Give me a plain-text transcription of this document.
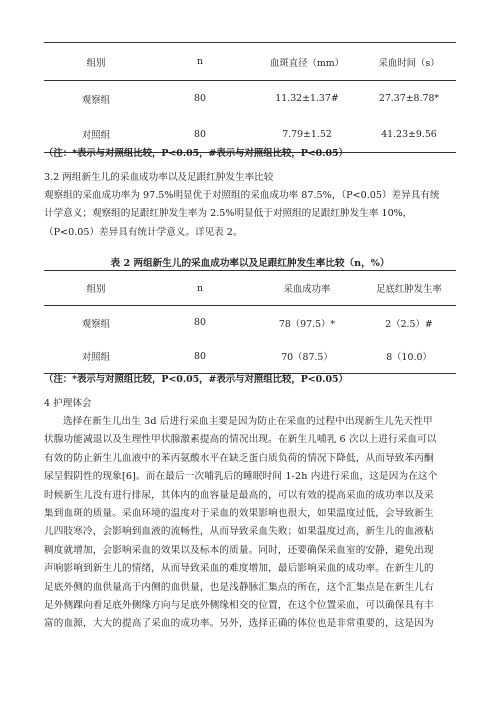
组别	n	血斑直径（mm）	采血时间（s）
观察组	80	11.32±1.37#	27.37±8.78*
对照组	80	7.79±1.52	41.23±9.56
（注：*表示与对照组比较，P<0.05，#表示与对照组比较，P<0.05）
3.2 两组新生儿的采血成功率以及足跟红肿发生率比较
观察组的采血成功率为 97.5%明显优于对照组的采血成功率 87.5%，（P<0.05）差异具有统
计学意义；观察组的足跟红肿发生率为 2.5%明显低于对照组的足跟红肿发生率 10%，
（P<0.05）差异具有统计学意义。详见表 2。
表 2 两组新生儿的采血成功率以及足跟红肿发生率比较（n，%）
组别	n	采血成功率	足底红肿发生率
观察组	80	78（97.5）*	2（2.5）#
对照组	80	70（87.5）	8（10.0）
（注：*表示与对照组比较，P<0.05，#表示与对照组比较，P<0.05）
4 护理体会
选择在新生儿出生 3d 后进行采血主要是因为防止在采血的过程中出现新生儿先天性甲
状腺功能减退以及生理性甲状腺激素提高的情况出现。在新生儿哺乳 6 次以上进行采血可以
有效的防止新生儿血液中的苯丙氨酸水平在缺乏蛋白质负荷的情况下降低，从而导致苯丙酮
尿呈假阴性的现象[6]。而在最后一次哺乳后的睡眠时间 1-2h 内进行采血，这是因为在这个
时候新生儿没有进行排尿，其体内的血容量是最高的，可以有效的提高采血的成功率以及采
集到血斑的质量。采血环境的温度对于采血的效果影响也很大，如果温度过低，会导致新生
儿四肢寒冷，会影响到血液的流畅性，从而导致采血失败；如果温度过高，新生儿的血液粘
稠度就增加，会影响采血的效果以及标本的质量。同时，还要确保采血室的安静，避免出现
声响影响到新生儿的情绪，从而导致采血的难度增加，最后影响采血的成功率。在新生儿的
足底外侧的血供量高于内侧的血供量，也是浅静脉汇集点的所在，这个汇集点是在新生儿右
足外侧踝向着足底外侧缘方向与足底外侧缘相交的位置，在这个位置采血，可以确保具有丰
富的血源，大大的提高了采血的成功率。另外，选择正确的体位也是非常重要的，这是因为
